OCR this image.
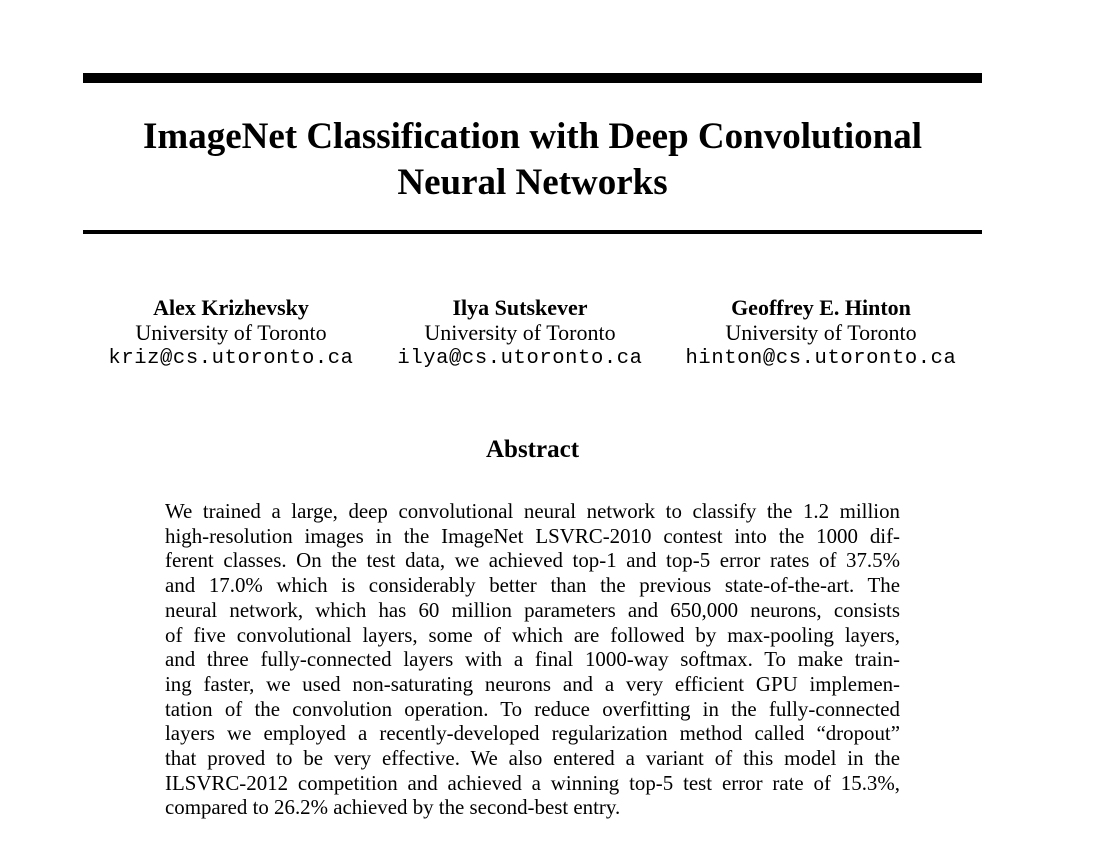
ImageNet Classification with Deep Convolutional
Neural Networks
Alex Krizhevsky
University of Toronto
kriz@cs.utoronto.ca
Ilya Sutskever
University of Toronto
ilya@cs.utoronto.ca
Geoffrey E. Hinton
University of Toronto
hinton@cs.utoronto.ca
Abstract
We trained a large, deep convolutional neural network to classify the 1.2 million
high-resolution images in the ImageNet LSVRC-2010 contest into the 1000 dif-
ferent classes. On the test data, we achieved top-1 and top-5 error rates of 37.5%
and 17.0% which is considerably better than the previous state-of-the-art. The
neural network, which has 60 million parameters and 650,000 neurons, consists
of five convolutional layers, some of which are followed by max-pooling layers,
and three fully-connected layers with a final 1000-way softmax. To make train-
ing faster, we used non-saturating neurons and a very efficient GPU implemen-
tation of the convolution operation. To reduce overfitting in the fully-connected
layers we employed a recently-developed regularization method called “dropout”
that proved to be very effective. We also entered a variant of this model in the
ILSVRC-2012 competition and achieved a winning top-5 test error rate of 15.3%,
compared to 26.2% achieved by the second-best entry.
